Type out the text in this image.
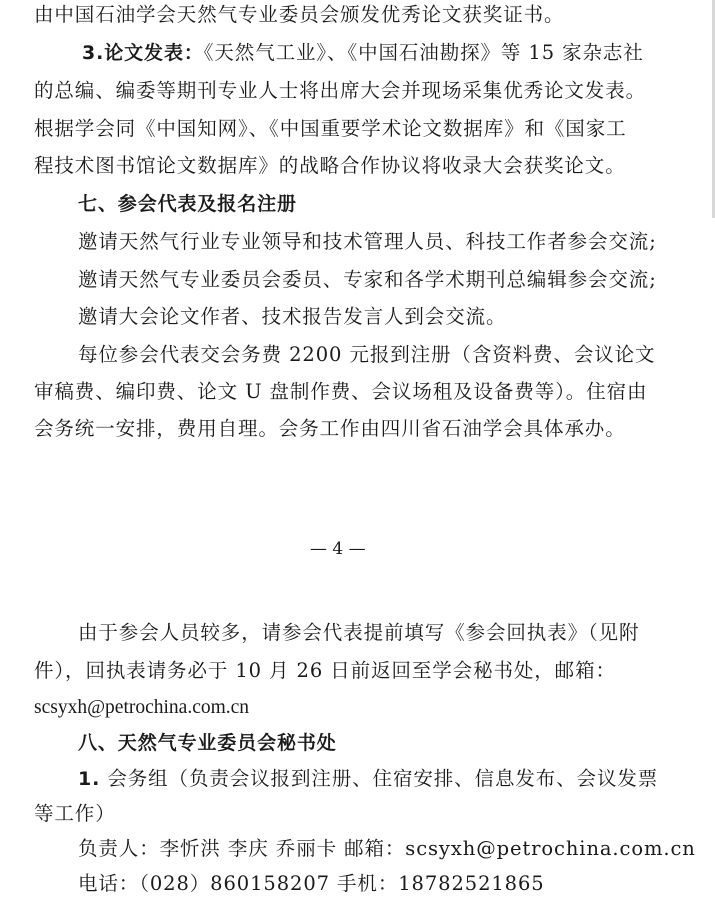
由中国石油学会天然气专业委员会颁发优秀论文获奖证书。
3.论文发表：《天然气工业》、《中国石油勘探》等 15 家杂志社
的总编、编委等期刊专业人士将出席大会并现场采集优秀论文发表。
根据学会同《中国知网》、《中国重要学术论文数据库》和《国家工
程技术图书馆论文数据库》的战略合作协议将收录大会获奖论文。
七、参会代表及报名注册
邀请天然气行业专业领导和技术管理人员、科技工作者参会交流;
邀请天然气专业委员会委员、专家和各学术期刊总编辑参会交流;
邀请大会论文作者、技术报告发言人到会交流。
每位参会代表交会务费 2200 元报到注册（含资料费、会议论文
审稿费、编印费、论文 U 盘制作费、会议场租及设备费等）。住宿由
会务统一安排，费用自理。会务工作由四川省石油学会具体承办。
— 4 —
由于参会人员较多，请参会代表提前填写《参会回执表》（见附
件），回执表请务必于 10 月 26 日前返回至学会秘书处，邮箱：
scsyxh@petrochina.com.cn
八、天然气专业委员会秘书处
1. 会务组（负责会议报到注册、住宿安排、信息发布、会议发票
等工作）
负责人：李忻洪 李庆 乔丽卡 邮箱：scsyxh@petrochina.com.cn
电话：（028）860158207 手机：18782521865
